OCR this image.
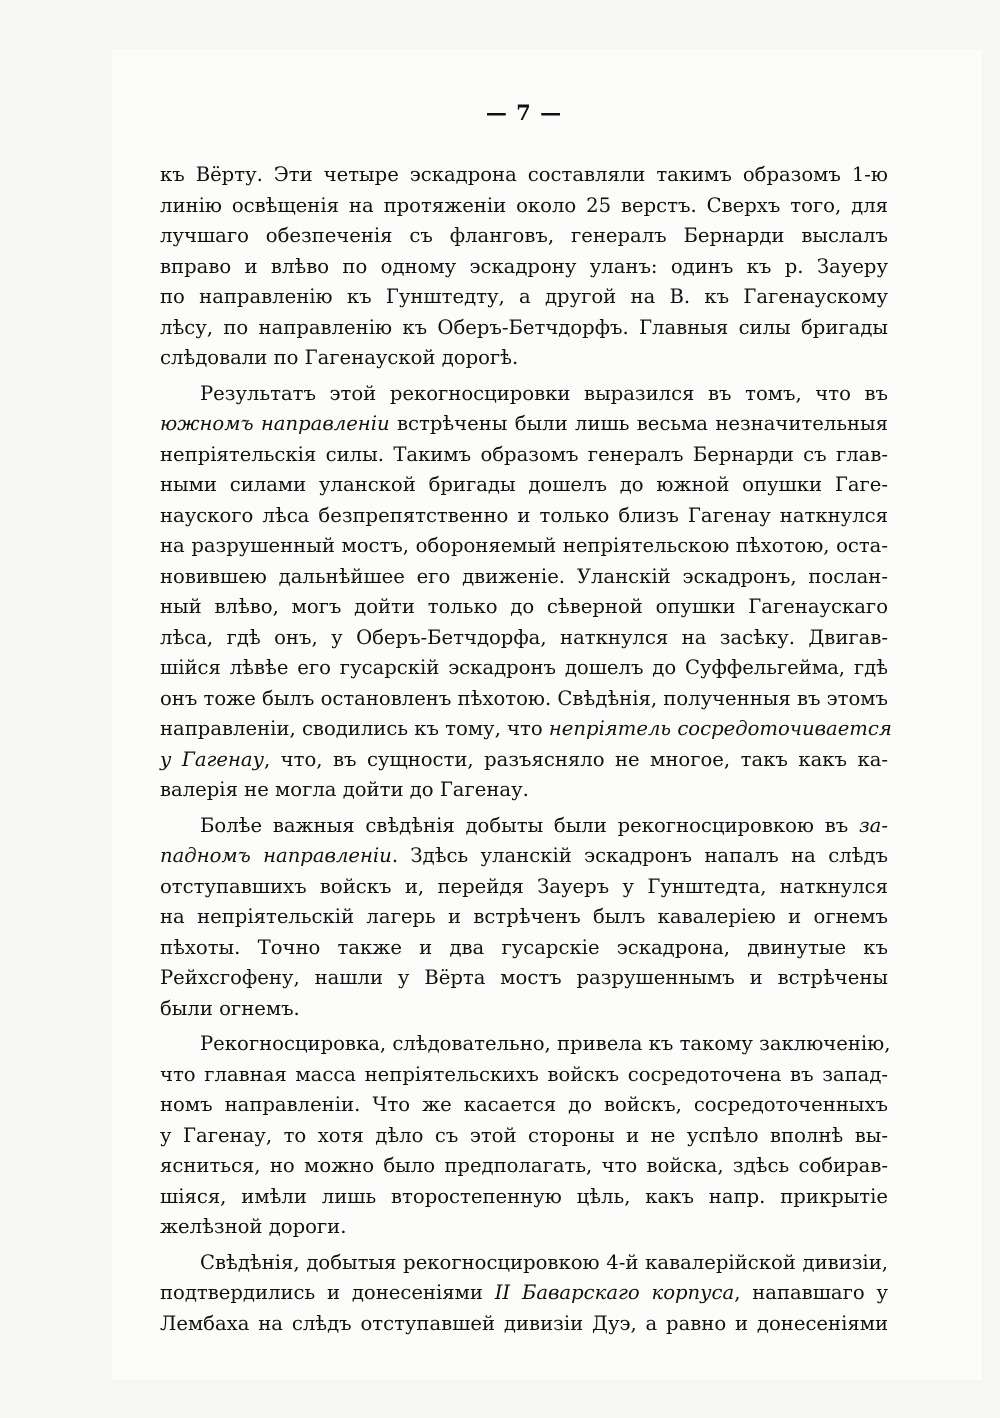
— 7 —
къ Вёрту. Эти четыре эскадрона составляли такимъ образомъ 1-ю
линію освѣщенія на протяженіи около 25 верстъ. Сверхъ того, для
лучшаго обезпеченія съ фланговъ, генералъ Бернарди выслалъ
вправо и влѣво по одному эскадрону уланъ: одинъ къ р. Зауеру
по направленію къ Гунштедту, а другой на В. къ Гагенаускому
лѣсу, по направленію къ Оберъ-Бетчдорфъ. Главныя силы бригады
слѣдовали по Гагенауской дорогѣ.
Результатъ этой рекогносцировки выразился въ томъ, что въ
южномъ направленіи встрѣчены были лишь весьма незначительныя
непріятельскія силы. Такимъ образомъ генералъ Бернарди съ глав-
ными силами уланской бригады дошелъ до южной опушки Гаге-
науского лѣса безпрепятственно и только близъ Гагенау наткнулся
на разрушенный мостъ, обороняемый непріятельскою пѣхотою, оста-
новившею дальнѣйшее его движеніе. Уланскій эскадронъ, послан-
ный влѣво, могъ дойти только до сѣверной опушки Гагенаускаго
лѣса, гдѣ онъ, у Оберъ-Бетчдорфа, наткнулся на засѣку. Двигав-
шійся лѣвѣе его гусарскій эскадронъ дошелъ до Суффельгейма, гдѣ
онъ тоже былъ остановленъ пѣхотою. Свѣдѣнія, полученныя въ этомъ
направленіи, сводились къ тому, что непріятель сосредоточивается
у Гагенау, что, въ сущности, разъясняло не многое, такъ какъ ка-
валерія не могла дойти до Гагенау.
Болѣе важныя свѣдѣнія добыты были рекогносцировкою въ за-
падномъ направленіи. Здѣсь уланскій эскадронъ напалъ на слѣдъ
отступавшихъ войскъ и, перейдя Зауеръ у Гунштедта, наткнулся
на непріятельскій лагерь и встрѣченъ былъ кавалеріею и огнемъ
пѣхоты. Точно также и два гусарскіе эскадрона, двинутые къ
Рейхсгофену, нашли у Вёрта мостъ разрушеннымъ и встрѣчены
были огнемъ.
Рекогносцировка, слѣдовательно, привела къ такому заключенію,
что главная масса непріятельскихъ войскъ сосредоточена въ запад-
номъ направленіи. Что же касается до войскъ, сосредоточенныхъ
у Гагенау, то хотя дѣло съ этой стороны и не успѣло вполнѣ вы-
ясниться, но можно было предполагать, что войска, здѣсь собирав-
шіяся, имѣли лишь второстепенную цѣль, какъ напр. прикрытіе
желѣзной дороги.
Свѣдѣнія, добытыя рекогносцировкою 4-й кавалерійской дивизіи,
подтвердились и донесеніями II Баварскаго корпуса, напавшаго у
Лембаха на слѣдъ отступавшей дивизіи Дуэ, а равно и донесеніями
